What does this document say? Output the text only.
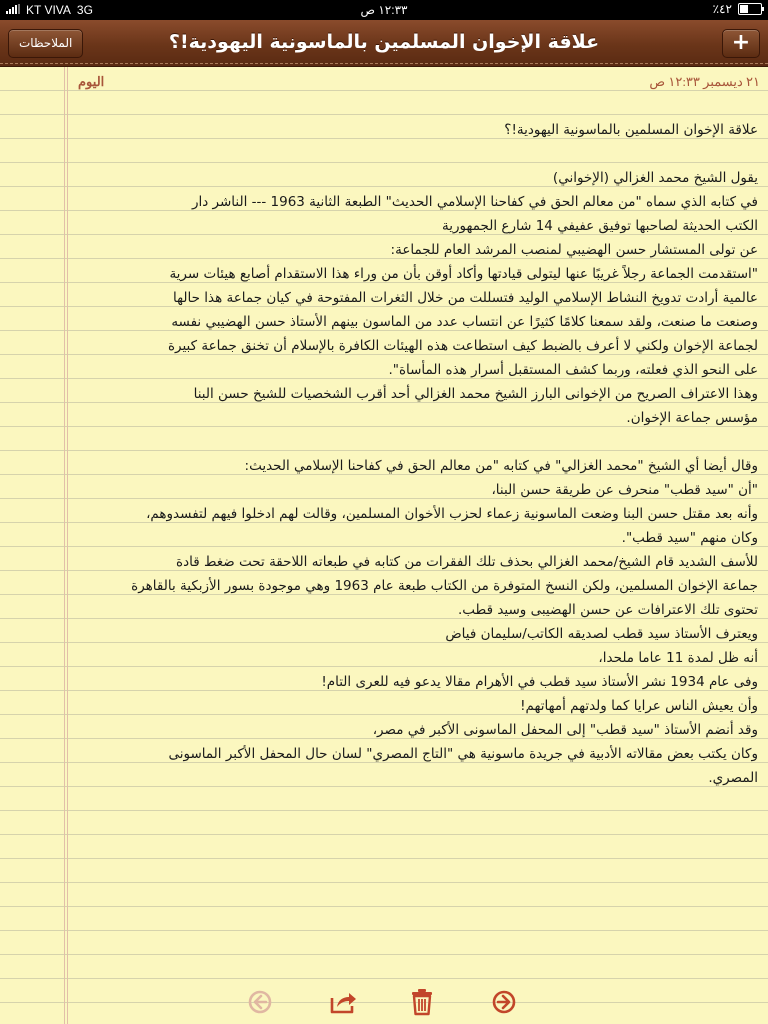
KT VIVA 3G	١٢:٣٣ ص	٪٤٢
الملاحظات	علاقة الإخوان المسلمين بالماسونية اليهودية!؟	+
اليوم	٢١ ديسمبر ١٢:٣٣ ص
علاقة الإخوان المسلمين بالماسونية اليهودية!؟
يقول الشيخ محمد الغزالي (الإخواني)
في كتابه الذي سماه "من معالم الحق في كفاحنا الإسلامي الحديث" الطبعة الثانية 1963 --- الناشر دار
الكتب الحديثة لصاحبها توفيق عفيفي 14 شارع الجمهورية
عن تولى المستشار حسن الهضيبي لمنصب المرشد العام للجماعة:
"استقدمت الجماعة رجلاً غريبًا عنها ليتولى قيادتها وأكاد أوقن بأن من وراء هذا الاستقدام أصابع هيئات سرية
عالمية أرادت تدويخ النشاط الإسلامي الوليد فتسللت من خلال الثغرات المفتوحة في كيان جماعة هذا حالها
وصنعت ما صنعت، ولقد سمعنا كلامًا كثيرًا عن انتساب عدد من الماسون بينهم الأستاذ حسن الهضيبي نفسه
لجماعة الإخوان ولكني لا أعرف بالضبط كيف استطاعت هذه الهيئات الكافرة بالإسلام أن تخنق جماعة كبيرة
على النحو الذي فعلته، وربما كشف المستقبل أسرار هذه المأساة".
وهذا الاعتراف الصريح من الإخوانى البارز الشيخ محمد الغزالي أحد أقرب الشخصيات للشيخ حسن البنا
مؤسس جماعة الإخوان.
وقال أيضا أي الشيخ "محمد الغزالي" في كتابه "من معالم الحق في كفاحنا الإسلامي الحديث:
"أن "سيد قطب" منحرف عن طريقة حسن البنا،
وأنه بعد مقتل حسن البنا وضعت الماسونية زعماء لحزب الأخوان المسلمين، وقالت لهم ادخلوا فيهم لتفسدوهم،
وكان منهم "سيد قطب".
للأسف الشديد قام الشيخ/محمد الغزالي بحذف تلك الفقرات من كتابه في طبعاته اللاحقة تحت ضغط قادة
جماعة الإخوان المسلمين، ولكن النسخ المتوفرة من الكتاب طبعة عام 1963 وهي موجودة بسور الأزبكية بالقاهرة
تحتوى تلك الاعترافات عن حسن الهضيبى وسيد قطب.
ويعترف الأستاذ سيد قطب لصديقه الكاتب/سليمان فياض
أنه ظل لمدة 11 عاما ملحدا،
وفى عام 1934 نشر الأستاذ سيد قطب في الأهرام مقالا يدعو فيه للعرى التام!
وأن يعيش الناس عرايا كما ولدتهم أمهاتهم!
وقد أنضم الأستاذ "سيد قطب" إلى المحفل الماسونى الأكبر في مصر،
وكان يكتب بعض مقالاته الأدبية في جريدة ماسونية هي "التاج المصري" لسان حال المحفل الأكبر الماسونى
المصري.
